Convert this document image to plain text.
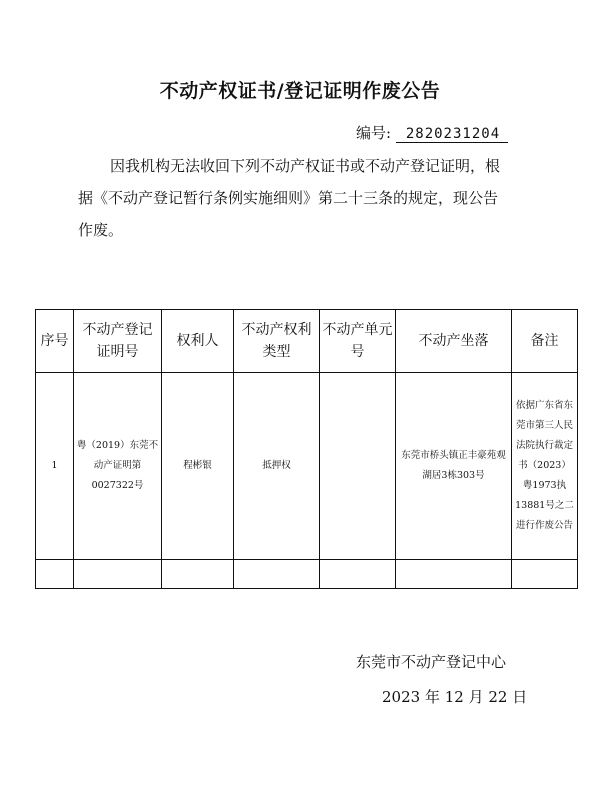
不动产权证书/登记证明作废公告
编号: 2820231204
因我机构无法收回下列不动产权证书或不动产登记证明，根
据《不动产登记暂行条例实施细则》第二十三条的规定，现公告
作废。
序号	不动产登记证明号	权利人	不动产权利类型	不动产单元号	不动产坐落	备注
1	粤（2019）东莞不动产证明第0027322号	程彬银	抵押权		东莞市桥头镇正丰豪苑观湖居3栋303号	依据广东省东莞市第三人民法院执行裁定书（2023）粤1973执13881号之二进行作废公告

东莞市不动产登记中心
2023 年 12 月 22 日
